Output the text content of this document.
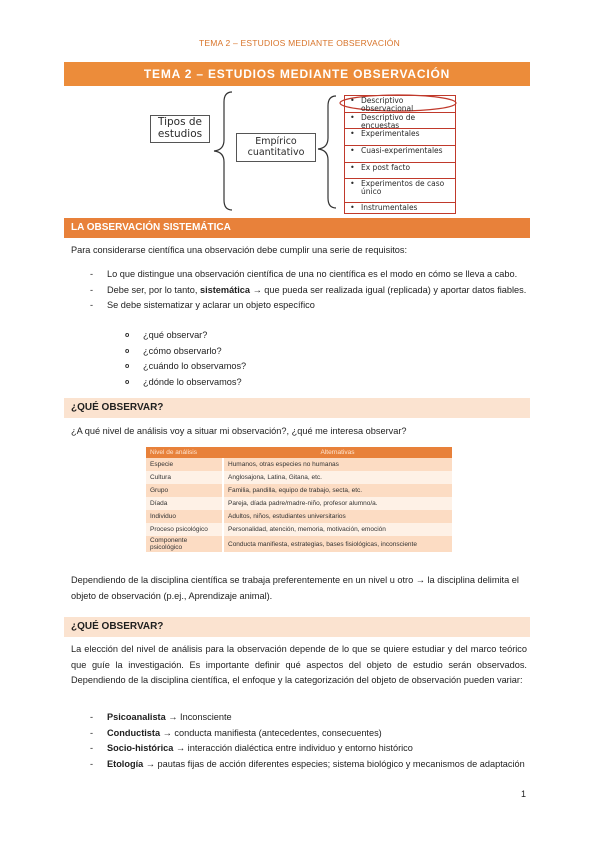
TEMA 2 – ESTUDIOS MEDIANTE OBSERVACIÓN
TEMA 2 – ESTUDIOS MEDIANTE OBSERVACIÓN
Tipos de estudios
Empírico cuantitativo
• Descriptivo observacional
• Descriptivo de encuestas
• Experimentales
• Cuasi-experimentales
• Ex post facto
• Experimentos de caso único
• Instrumentales
LA OBSERVACIÓN SISTEMÁTICA
Para considerarse científica una observación debe cumplir una serie de requisitos:
- Lo que distingue una observación científica de una no científica es el modo en cómo se lleva a cabo.
- Debe ser, por lo tanto, sistemática → que pueda ser realizada igual (replicada) y aportar datos fiables.
- Se debe sistematizar y aclarar un objeto específico
o ¿qué observar?
o ¿cómo observarlo?
o ¿cuándo lo observamos?
o ¿dónde lo observamos?
¿QUÉ OBSERVAR?
¿A qué nivel de análisis voy a situar mi observación?, ¿qué me interesa observar?
Nivel de análisis	Alternativas
Especie	Humanos, otras especies no humanas
Cultura	Anglosajona, Latina, Gitana, etc.
Grupo	Familia, pandilla, equipo de trabajo, secta, etc.
Díada	Pareja, díada padre/madre-niño, profesor alumno/a.
Individuo	Adultos, niños, estudiantes universitarios
Proceso psicológico	Personalidad, atención, memoria, motivación, emoción
Componente psicológico	Conducta manifiesta, estrategias, bases fisiológicas, inconsciente
Dependiendo de la disciplina científica se trabaja preferentemente en un nivel u otro → la disciplina delimita el objeto de observación (p.ej., Aprendizaje animal).
¿QUÉ OBSERVAR?
La elección del nivel de análisis para la observación depende de lo que se quiere estudiar y del marco teórico que guíe la investigación. Es importante definir qué aspectos del objeto de estudio serán observados. Dependiendo de la disciplina científica, el enfoque y la categorización del objeto de observación pueden variar:
- Psicoanalista → Inconsciente
- Conductista → conducta manifiesta (antecedentes, consecuentes)
- Socio-histórica → interacción dialéctica entre individuo y entorno histórico
- Etología → pautas fijas de acción diferentes especies; sistema biológico y mecanismos de adaptación
1
